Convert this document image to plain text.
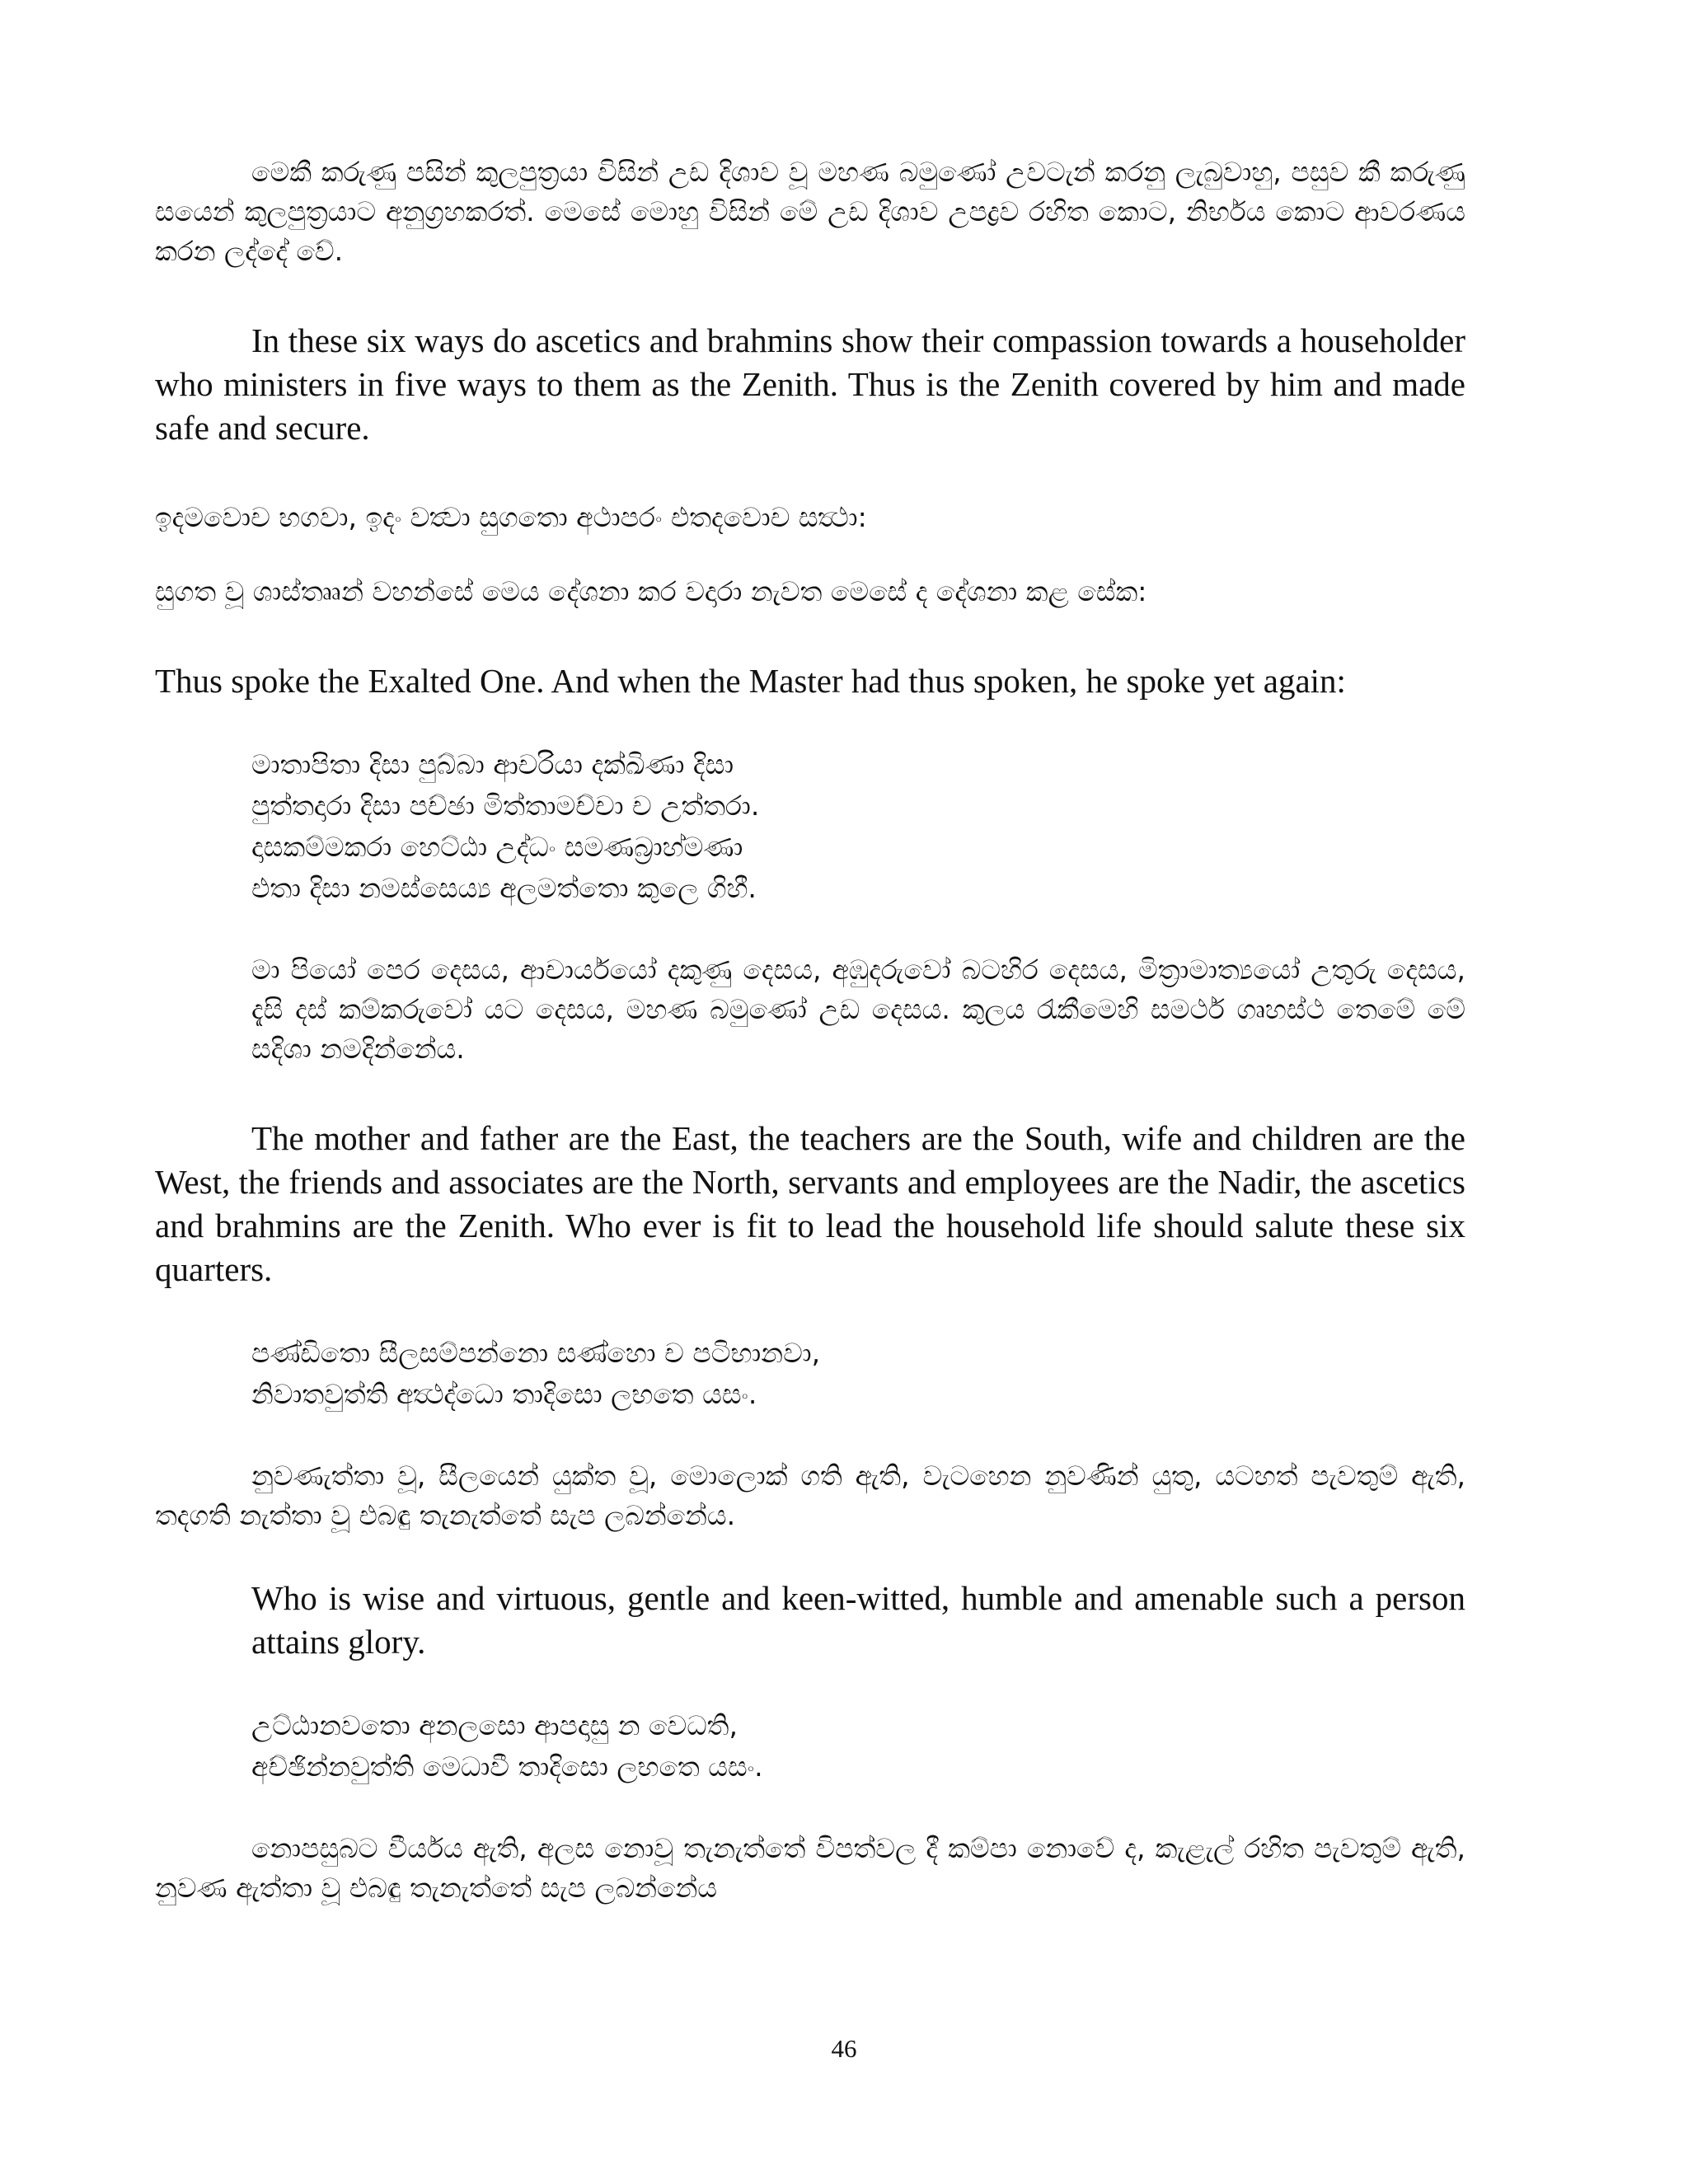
මෙකී කරුණු පසින් කුලපුත්‍රයා විසින් උඩ දිශාව වූ මහණ බමුණෝ උවටැන් කරනු ලැබුවාහු, පසුව කී කරුණු සයෙන් කුලපුත්‍රයාට අනුග්‍රහකරත්. මෙසේ මොහු විසින් මේ උඩ දිශාව උපද්‍රව රහිත කොට, නිර්භය කොට ආවරණය කරන ලද්දේ වේ.

In these six ways do ascetics and brahmins show their compassion towards a householder who ministers in five ways to them as the Zenith. Thus is the Zenith covered by him and made safe and secure.

ඉදමවොච භගවා, ඉදං වත්‍වා සුගතො අථාපරං එතදවොච සත්‍ථා:

සුගත වූ ශාස්තෲන් වහන්සේ මෙය දේශනා කර වදාරා නැවත මෙසේ ද දේශනා කළ සේක:

Thus spoke the Exalted One. And when the Master had thus spoken, he spoke yet again:

මාතාපිතා දිසා පුබ්බා ආචරියා දක්ඛිණා දිසා
පුත්තදාරා දිසා පච්ඡා මිත්තාමච්චා ච උත්තරා.
දාසකම්මකරා හෙට්ඨා උද්ධං සමණබ්‍රාහ්මණා
එතා දිසා නමස්සෙය්‍ය අලමත්තො කුලෙ ගිහී.

මා පියෝ පෙර දෙසය, ආචාර්යයෝ දකුණු දෙසය, අඹුදරුවෝ බටහිර දෙසය, මිත්‍රාමාත්‍යයෝ උතුරු දෙසය, දැසි දස් කම්කරුවෝ යට දෙසය, මහණ බමුණෝ උඩ දෙසය. කුලය රැකීමෙහි සමර්ථ ගෘහස්ථ තෙමේ මේ සදිශා නමදින්නේය.

The mother and father are the East, the teachers are the South, wife and children are the West, the friends and associates are the North, servants and employees are the Nadir, the ascetics and brahmins are the Zenith. Who ever is fit to lead the household life should salute these six quarters.

පණ්ඩිතො සීලසම්පන්නො සණ්හො ච පටිභානවා,
නිවාතවුත්ති අත්‍ථද්ධො තාදිසො ලභතෙ යසං.

නුවණැත්තා වූ, සීලයෙන් යුක්ත වූ, මොලොක් ගති ඇති, වැටහෙන නුවණින් යුතු, යටහත් පැවතුම් ඇති, තදගති නැත්තා වූ එබඳු තැනැත්තේ සැප ලබන්නේය.

Who is wise and virtuous, gentle and keen-witted, humble and amenable such a person attains glory.

උට්ඨානවතො අනලසො ආපදාසු න වෙධති,
අච්ඡින්නවුත්ති මෙධාවී තාදිසො ලභතෙ යසං.

නොපසුබට වීර්යය ඇති, අලස නොවූ තැනැත්තේ විපත්වල දී කම්පා නොවේ ද, කැළැල් රහිත පැවතුම් ඇති, නුවණ ඇත්තා වූ එබඳු තැනැත්තේ සැප ලබන්නේය

46
